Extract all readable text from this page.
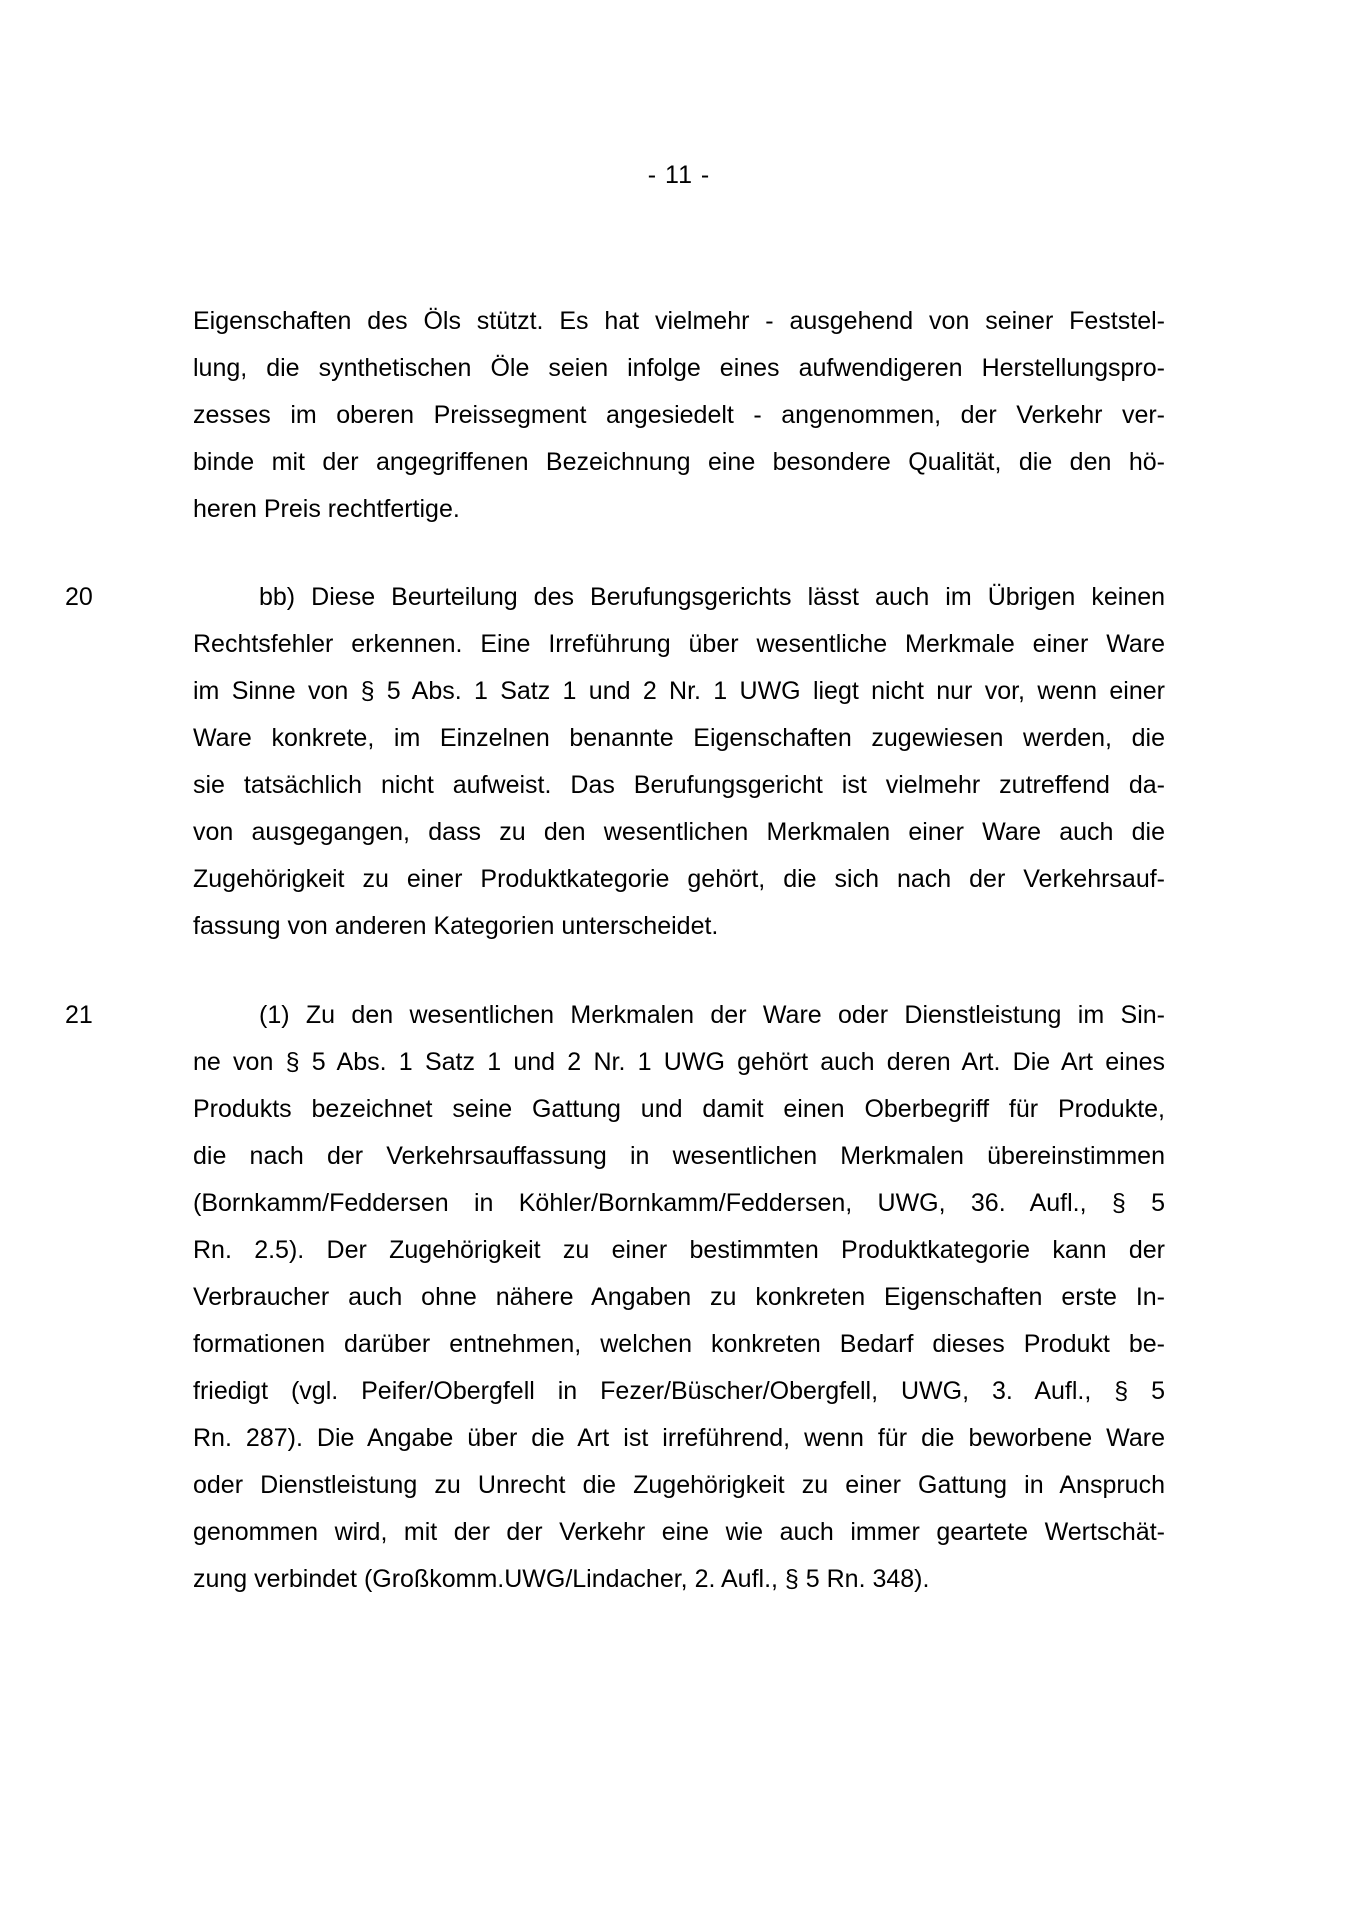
- 11 -
Eigenschaften des Öls stützt. Es hat vielmehr - ausgehend von seiner Feststel-
lung, die synthetischen Öle seien infolge eines aufwendigeren Herstellungspro-
zesses im oberen Preissegment angesiedelt - angenommen, der Verkehr ver-
binde mit der angegriffenen Bezeichnung eine besondere Qualität, die den hö-
heren Preis rechtfertige.
20	bb) Diese Beurteilung des Berufungsgerichts lässt auch im Übrigen keinen
Rechtsfehler erkennen. Eine Irreführung über wesentliche Merkmale einer Ware
im Sinne von § 5 Abs. 1 Satz 1 und 2 Nr. 1 UWG liegt nicht nur vor, wenn einer
Ware konkrete, im Einzelnen benannte Eigenschaften zugewiesen werden, die
sie tatsächlich nicht aufweist. Das Berufungsgericht ist vielmehr zutreffend da-
von ausgegangen, dass zu den wesentlichen Merkmalen einer Ware auch die
Zugehörigkeit zu einer Produktkategorie gehört, die sich nach der Verkehrsauf-
fassung von anderen Kategorien unterscheidet.
21	(1) Zu den wesentlichen Merkmalen der Ware oder Dienstleistung im Sin-
ne von § 5 Abs. 1 Satz 1 und 2 Nr. 1 UWG gehört auch deren Art. Die Art eines
Produkts bezeichnet seine Gattung und damit einen Oberbegriff für Produkte,
die nach der Verkehrsauffassung in wesentlichen Merkmalen übereinstimmen
(Bornkamm/Feddersen in Köhler/Bornkamm/Feddersen, UWG, 36. Aufl., § 5
Rn. 2.5). Der Zugehörigkeit zu einer bestimmten Produktkategorie kann der
Verbraucher auch ohne nähere Angaben zu konkreten Eigenschaften erste In-
formationen darüber entnehmen, welchen konkreten Bedarf dieses Produkt be-
friedigt (vgl. Peifer/Obergfell in Fezer/Büscher/Obergfell, UWG, 3. Aufl., § 5
Rn. 287). Die Angabe über die Art ist irreführend, wenn für die beworbene Ware
oder Dienstleistung zu Unrecht die Zugehörigkeit zu einer Gattung in Anspruch
genommen wird, mit der der Verkehr eine wie auch immer geartete Wertschät-
zung verbindet (Großkomm.UWG/Lindacher, 2. Aufl., § 5 Rn. 348).
